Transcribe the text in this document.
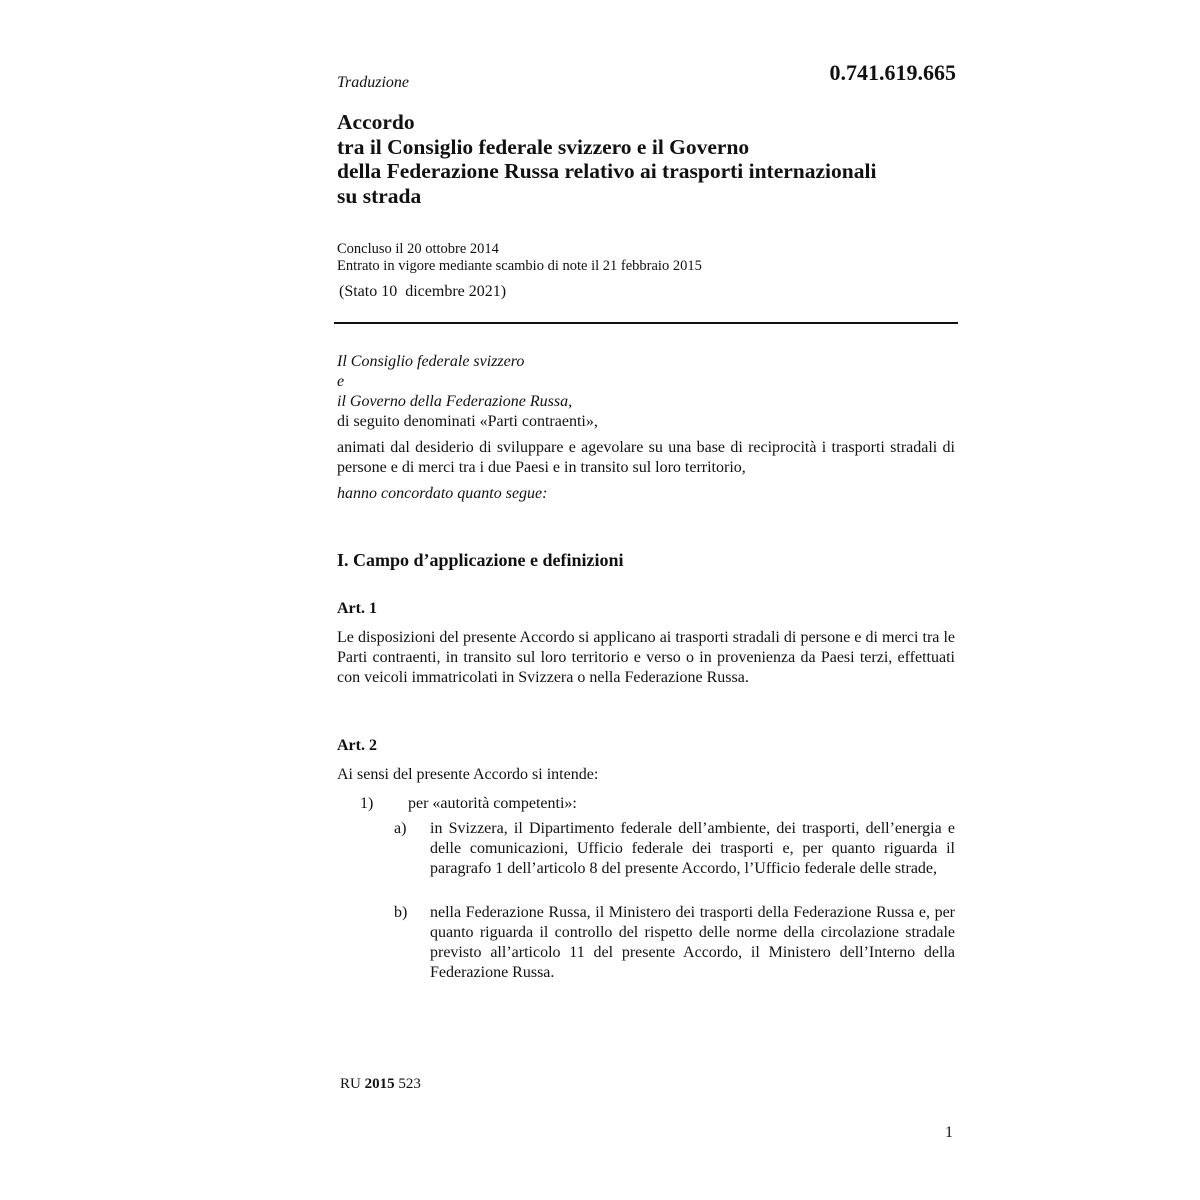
Traduzione	0.741.619.665
Accordo
tra il Consiglio federale svizzero e il Governo
della Federazione Russa relativo ai trasporti internazionali
su strada
Concluso il 20 ottobre 2014
Entrato in vigore mediante scambio di note il 21 febbraio 2015
(Stato 10  dicembre 2021)

Il Consiglio federale svizzero

e

il Governo della Federazione Russa,

di seguito denominati «Parti contraenti»,

animati dal desiderio di sviluppare e agevolare su una base di reciprocità i trasporti stradali di persone e di merci tra i due Paesi e in transito sul loro territorio,

hanno concordato quanto segue:

I. Campo d’applicazione e definizioni
Art. 1
Le disposizioni del presente Accordo si applicano ai trasporti stradali di persone e di merci tra le Parti contraenti, in transito sul loro territorio e verso o in provenienza da Paesi terzi, effettuati con veicoli immatricolati in Svizzera o nella Federazione Russa.
Art. 2
Ai sensi del presente Accordo si intende:
1) per «autorità competenti»:
a) in Svizzera, il Dipartimento federale dell’ambiente, dei trasporti, dell’energia e delle comunicazioni, Ufficio federale dei trasporti e, per quanto riguarda il paragrafo 1 dell’articolo 8 del presente Accordo, l’Ufficio federale delle strade,
b) nella Federazione Russa, il Ministero dei trasporti della Federazione Russa e, per quanto riguarda il controllo del rispetto delle norme della circolazione stradale previsto all’articolo 11 del presente Accordo, il Ministero dell’Interno della Federazione Russa.
RU 2015 523
1
